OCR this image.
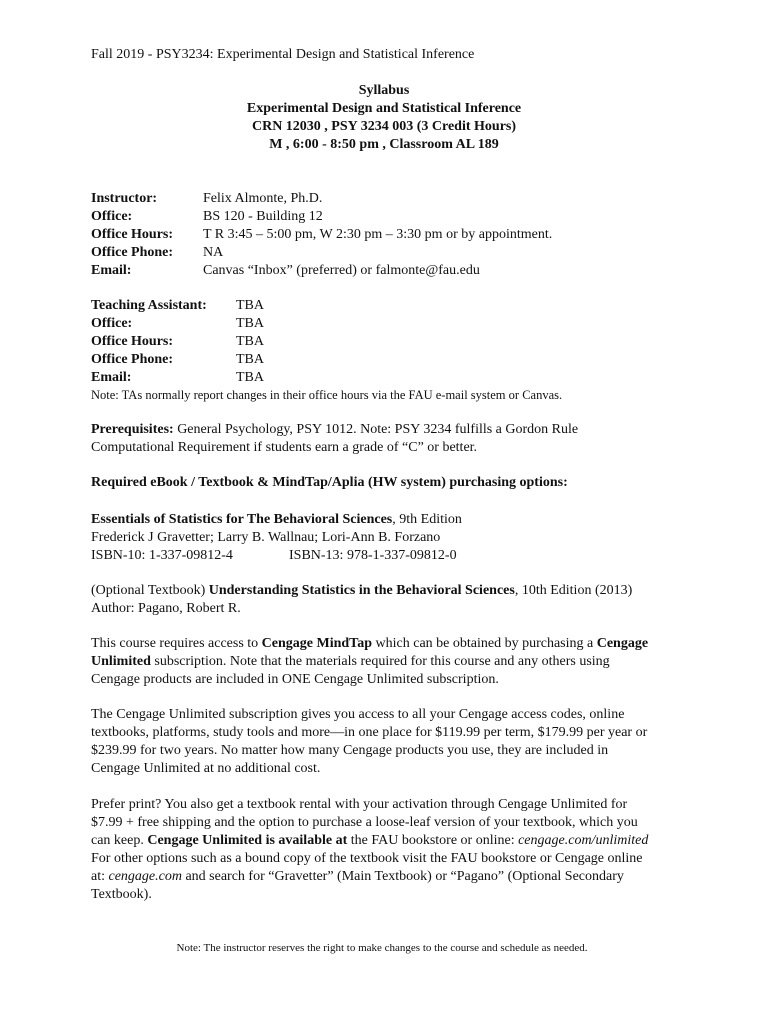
Fall 2019 - PSY3234: Experimental Design and Statistical Inference
Syllabus
Experimental Design and Statistical Inference
CRN 12030 , PSY 3234 003 (3 Credit Hours)
M , 6:00 - 8:50 pm , Classroom AL 189
Instructor:	Felix Almonte, Ph.D.
Office:	BS 120 - Building 12
Office Hours: T R 3:45 – 5:00 pm, W 2:30 pm – 3:30 pm or by appointment.
Office Phone: NA
Email:	Canvas “Inbox” (preferred) or falmonte@fau.edu
Teaching Assistant: TBA
Office:	TBA
Office Hours:	TBA
Office Phone:	TBA
Email:	TBA
Note: TAs normally report changes in their office hours via the FAU e-mail system or Canvas.
Prerequisites: General Psychology, PSY 1012. Note: PSY 3234 fulfills a Gordon Rule
Computational Requirement if students earn a grade of “C” or better.
Required eBook / Textbook & MindTap/Aplia (HW system) purchasing options:
Essentials of Statistics for The Behavioral Sciences, 9th Edition
Frederick J Gravetter; Larry B. Wallnau; Lori-Ann B. Forzano
ISBN-10: 1-337-09812-4	ISBN-13: 978-1-337-09812-0
(Optional Textbook) Understanding Statistics in the Behavioral Sciences, 10th Edition (2013)
Author: Pagano, Robert R.
This course requires access to Cengage MindTap which can be obtained by purchasing a Cengage
Unlimited subscription. Note that the materials required for this course and any others using
Cengage products are included in ONE Cengage Unlimited subscription.
The Cengage Unlimited subscription gives you access to all your Cengage access codes, online
textbooks, platforms, study tools and more—in one place for $119.99 per term, $179.99 per year or
$239.99 for two years. No matter how many Cengage products you use, they are included in
Cengage Unlimited at no additional cost.
Prefer print? You also get a textbook rental with your activation through Cengage Unlimited for
$7.99 + free shipping and the option to purchase a loose-leaf version of your textbook, which you
can keep. Cengage Unlimited is available at the FAU bookstore or online: cengage.com/unlimited
For other options such as a bound copy of the textbook visit the FAU bookstore or Cengage online
at: cengage.com and search for “Gravetter” (Main Textbook) or “Pagano” (Optional Secondary
Textbook).
Note: The instructor reserves the right to make changes to the course and schedule as needed.
